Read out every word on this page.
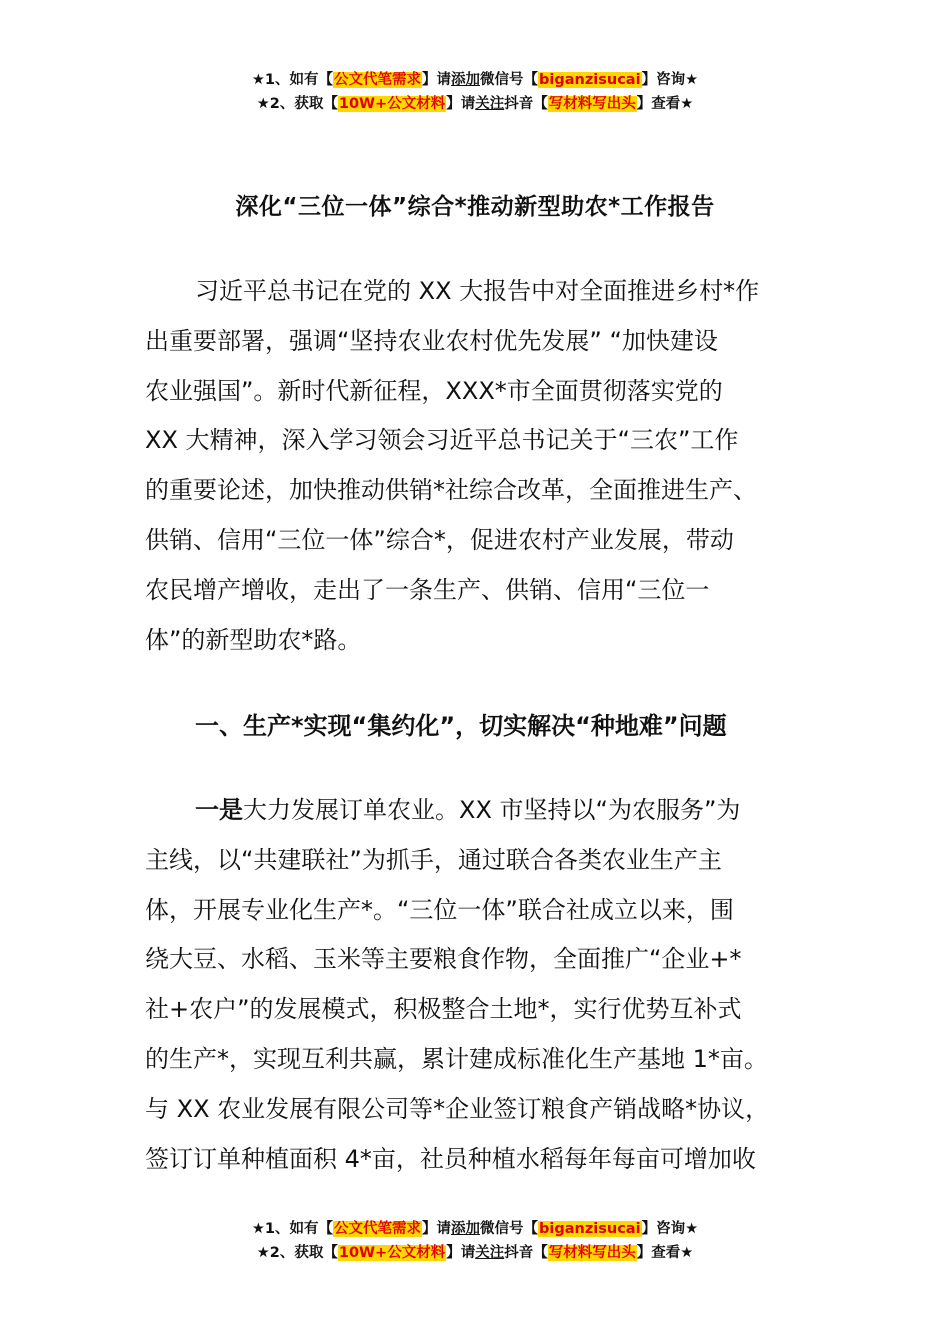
★1、如有【公文代笔需求】请添加微信号【biganzisucai】咨询★
★2、获取【10W+公文材料】请关注抖音【写材料写出头】查看★
深化“三位一体”综合*推动新型助农*工作报告
习近平总书记在党的 XX 大报告中对全面推进乡村*作
出重要部署，强调“坚持农业农村优先发展” “加快建设
农业强国”。新时代新征程，XXX*市全面贯彻落实党的
XX 大精神，深入学习领会习近平总书记关于“三农”工作
的重要论述，加快推动供销*社综合改革，全面推进生产、
供销、信用“三位一体”综合*，促进农村产业发展，带动
农民增产增收，走出了一条生产、供销、信用“三位一
体”的新型助农*路。
一、生产*实现“集约化”，切实解决“种地难”问题
一是大力发展订单农业。XX 市坚持以“为农服务”为
主线，以“共建联社”为抓手，通过联合各类农业生产主
体，开展专业化生产*。“三位一体”联合社成立以来，围
绕大豆、水稻、玉米等主要粮食作物，全面推广“企业+*
社+农户”的发展模式，积极整合土地*，实行优势互补式
的生产*，实现互利共赢，累计建成标准化生产基地 1*亩。
与 XX 农业发展有限公司等*企业签订粮食产销战略*协议，
签订订单种植面积 4*亩，社员种植水稻每年每亩可增加收
★1、如有【公文代笔需求】请添加微信号【biganzisucai】咨询★
★2、获取【10W+公文材料】请关注抖音【写材料写出头】查看★
